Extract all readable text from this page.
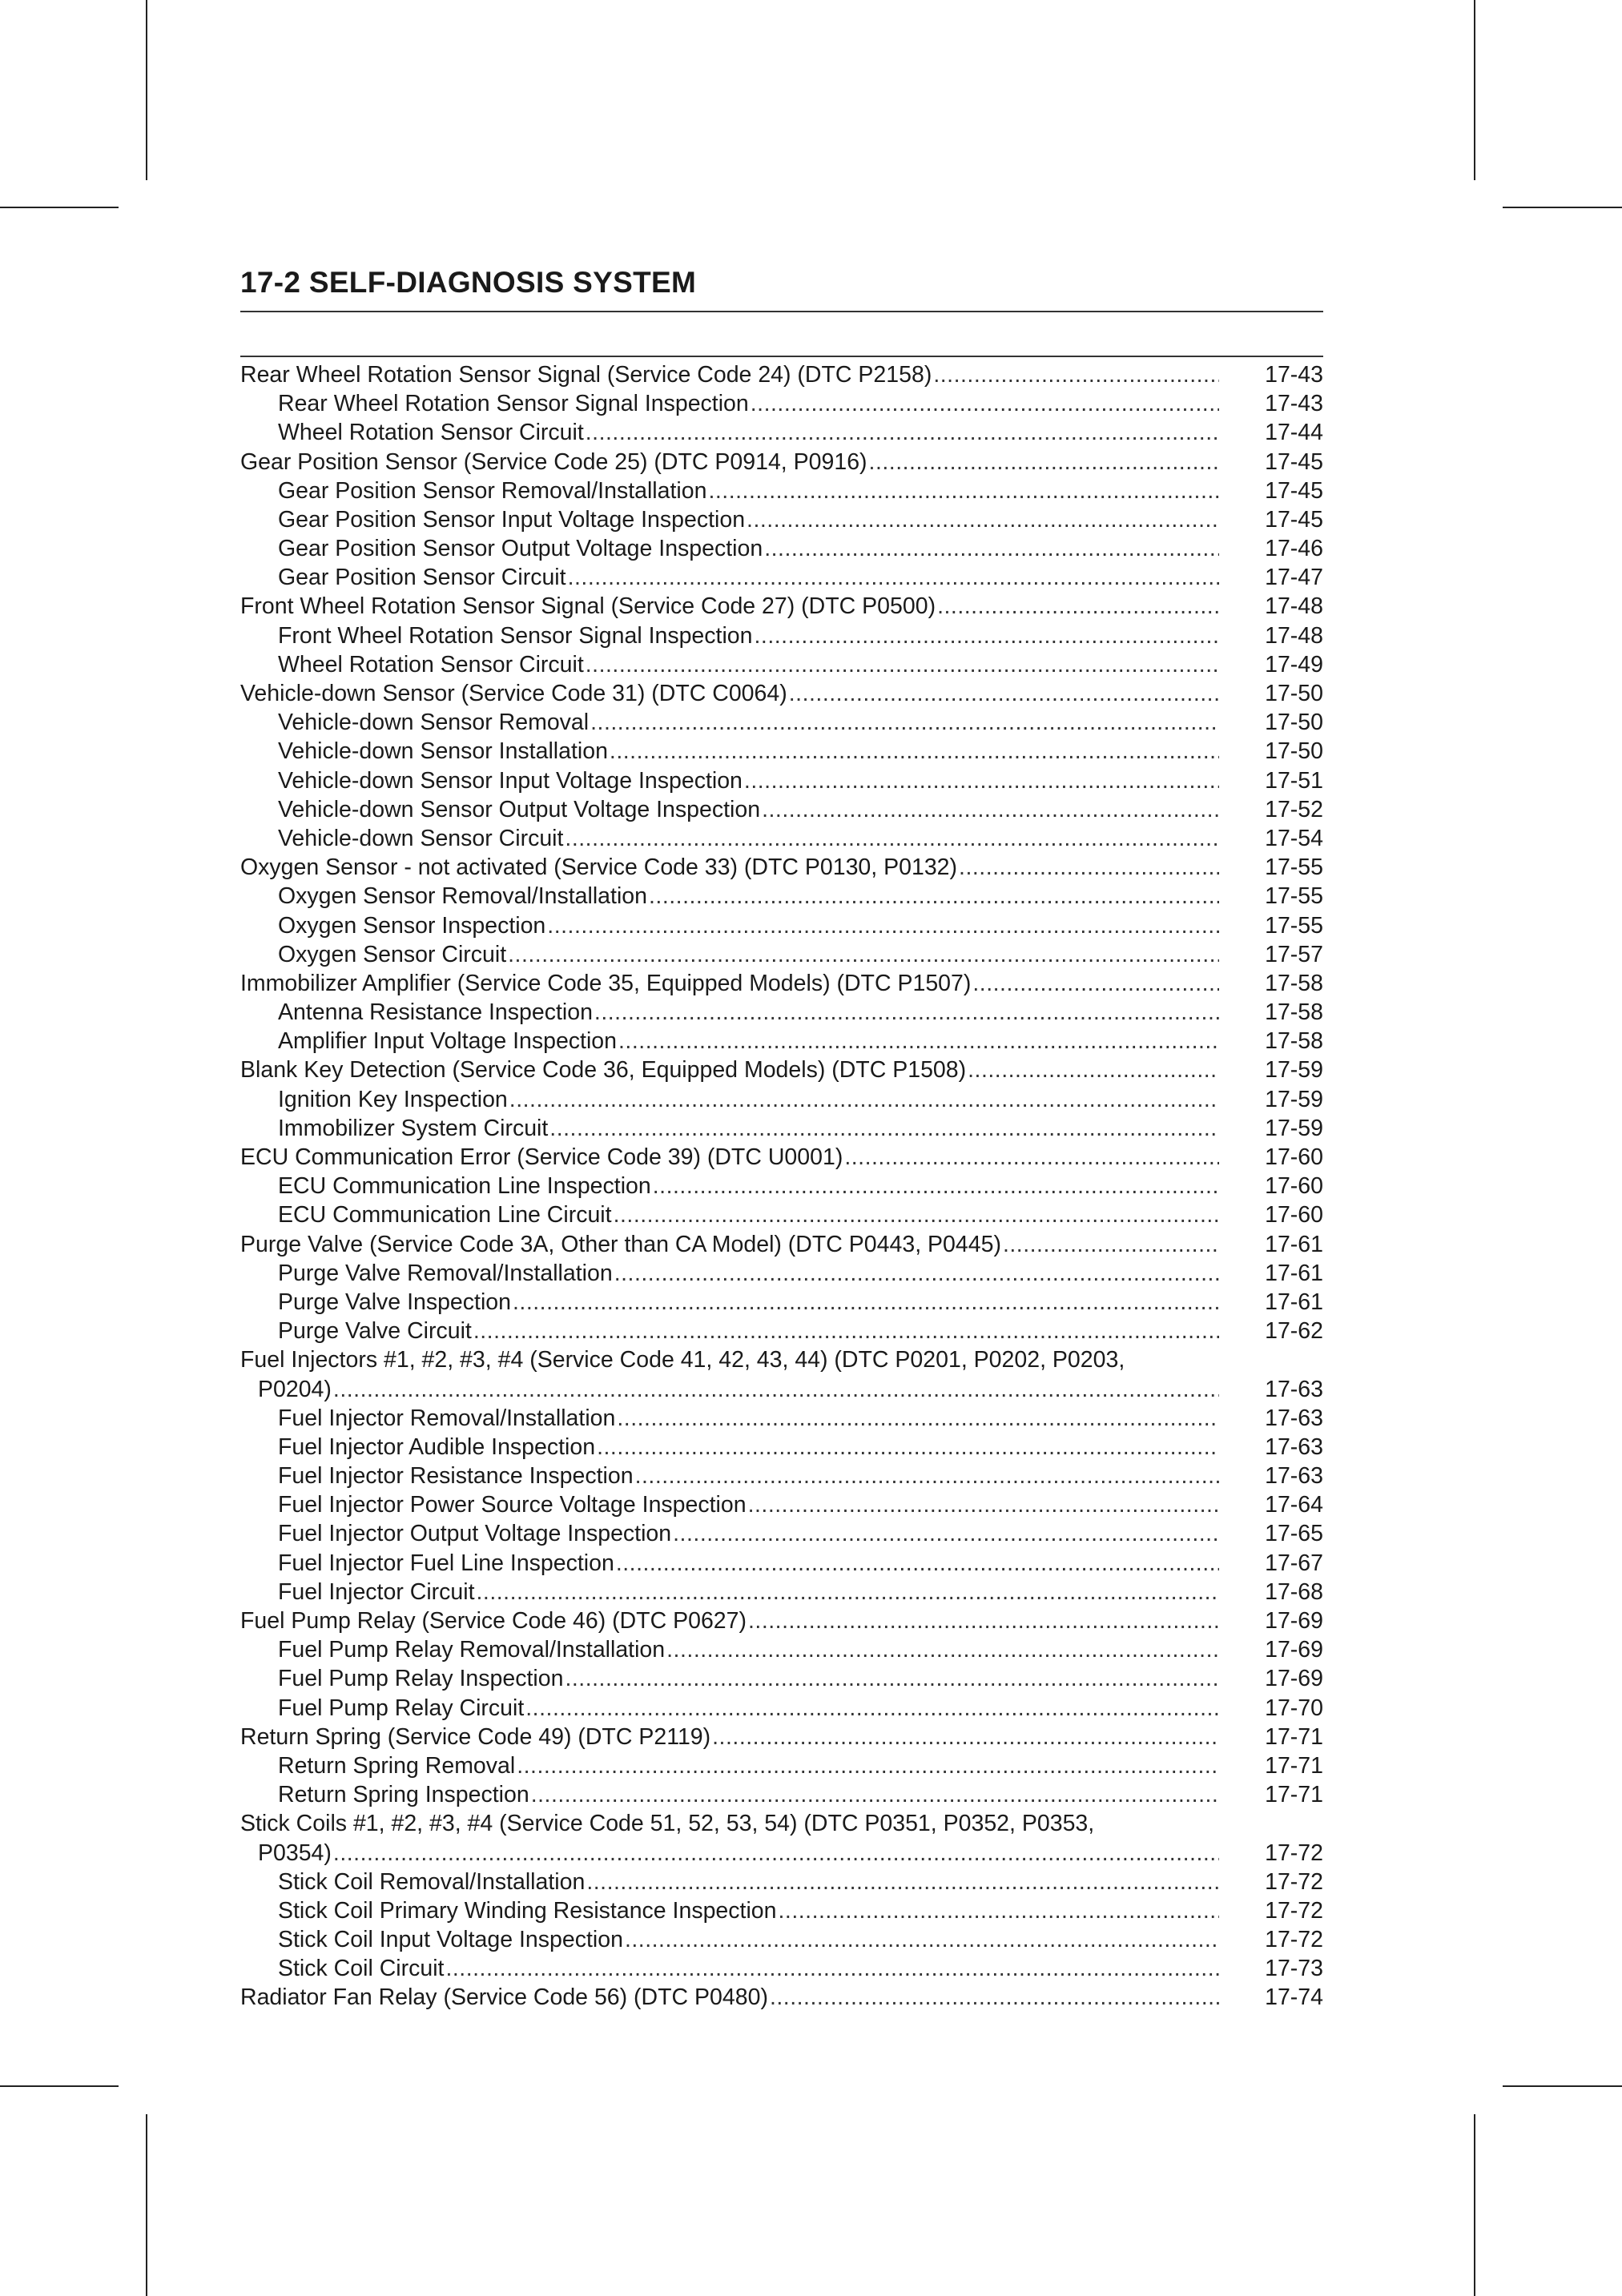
17-2 SELF-DIAGNOSIS SYSTEM
Rear Wheel Rotation Sensor Signal (Service Code 24) (DTC P2158) .....	17-43
Rear Wheel Rotation Sensor Signal Inspection .....	17-43
Wheel Rotation Sensor Circuit .....	17-44
Gear Position Sensor (Service Code 25) (DTC P0914, P0916) .....	17-45
Gear Position Sensor Removal/Installation .....	17-45
Gear Position Sensor Input Voltage Inspection .....	17-45
Gear Position Sensor Output Voltage Inspection .....	17-46
Gear Position Sensor Circuit .....	17-47
Front Wheel Rotation Sensor Signal (Service Code 27) (DTC P0500) .....	17-48
Front Wheel Rotation Sensor Signal Inspection .....	17-48
Wheel Rotation Sensor Circuit .....	17-49
Vehicle-down Sensor (Service Code 31) (DTC C0064) .....	17-50
Vehicle-down Sensor Removal .....	17-50
Vehicle-down Sensor Installation .....	17-50
Vehicle-down Sensor Input Voltage Inspection .....	17-51
Vehicle-down Sensor Output Voltage Inspection .....	17-52
Vehicle-down Sensor Circuit .....	17-54
Oxygen Sensor - not activated (Service Code 33) (DTC P0130, P0132) .....	17-55
Oxygen Sensor Removal/Installation .....	17-55
Oxygen Sensor Inspection .....	17-55
Oxygen Sensor Circuit .....	17-57
Immobilizer Amplifier (Service Code 35, Equipped Models) (DTC P1507) .....	17-58
Antenna Resistance Inspection .....	17-58
Amplifier Input Voltage Inspection .....	17-58
Blank Key Detection (Service Code 36, Equipped Models) (DTC P1508) .....	17-59
Ignition Key Inspection .....	17-59
Immobilizer System Circuit .....	17-59
ECU Communication Error (Service Code 39) (DTC U0001) .....	17-60
ECU Communication Line Inspection .....	17-60
ECU Communication Line Circuit .....	17-60
Purge Valve (Service Code 3A, Other than CA Model) (DTC P0443, P0445) .....	17-61
Purge Valve Removal/Installation .....	17-61
Purge Valve Inspection .....	17-61
Purge Valve Circuit .....	17-62
Fuel Injectors #1, #2, #3, #4 (Service Code 41, 42, 43, 44) (DTC P0201, P0202, P0203,
P0204) .....	17-63
Fuel Injector Removal/Installation .....	17-63
Fuel Injector Audible Inspection .....	17-63
Fuel Injector Resistance Inspection .....	17-63
Fuel Injector Power Source Voltage Inspection .....	17-64
Fuel Injector Output Voltage Inspection .....	17-65
Fuel Injector Fuel Line Inspection .....	17-67
Fuel Injector Circuit .....	17-68
Fuel Pump Relay (Service Code 46) (DTC P0627) .....	17-69
Fuel Pump Relay Removal/Installation .....	17-69
Fuel Pump Relay Inspection .....	17-69
Fuel Pump Relay Circuit .....	17-70
Return Spring (Service Code 49) (DTC P2119) .....	17-71
Return Spring Removal .....	17-71
Return Spring Inspection .....	17-71
Stick Coils #1, #2, #3, #4 (Service Code 51, 52, 53, 54) (DTC P0351, P0352, P0353,
P0354) .....	17-72
Stick Coil Removal/Installation .....	17-72
Stick Coil Primary Winding Resistance Inspection .....	17-72
Stick Coil Input Voltage Inspection .....	17-72
Stick Coil Circuit .....	17-73
Radiator Fan Relay (Service Code 56) (DTC P0480) .....	17-74
